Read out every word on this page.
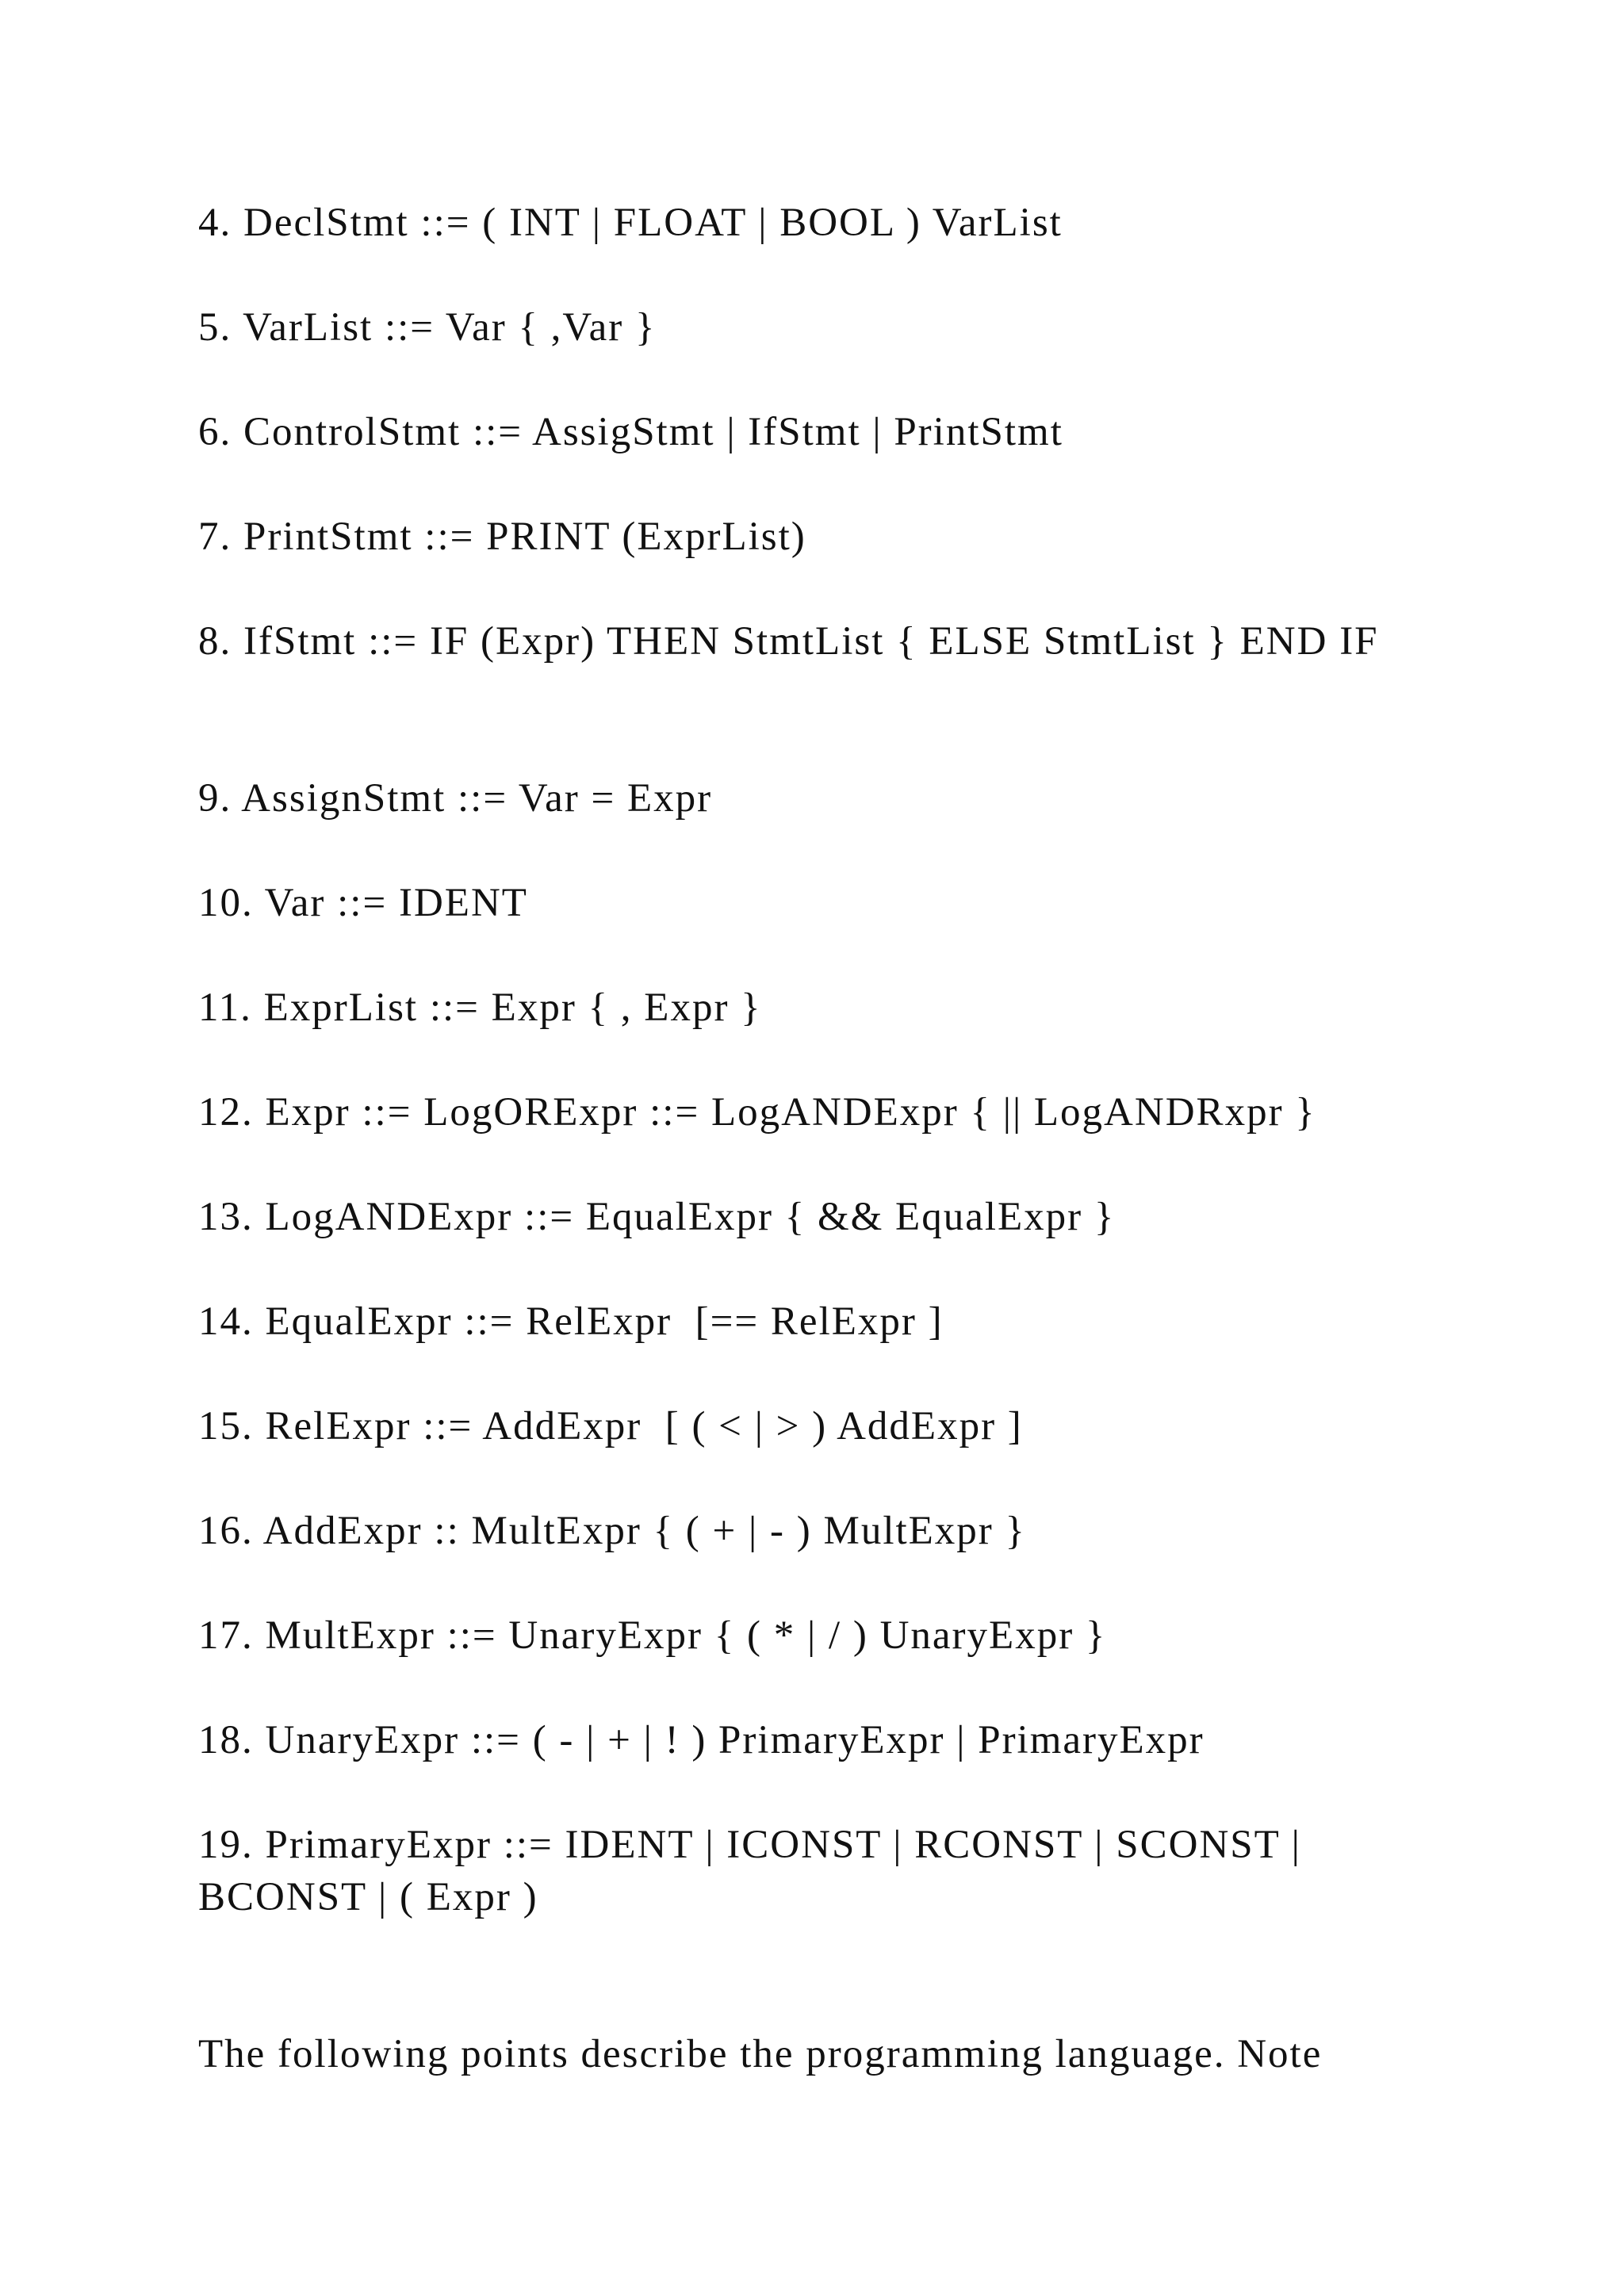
4. DeclStmt ::= ( INT | FLOAT | BOOL ) VarList

5. VarList ::= Var { ,Var }

6. ControlStmt ::= AssigStmt | IfStmt | PrintStmt

7. PrintStmt ::= PRINT (ExprList)

8. IfStmt ::= IF (Expr) THEN StmtList { ELSE StmtList } END IF

9. AssignStmt ::= Var = Expr

10. Var ::= IDENT

11. ExprList ::= Expr { , Expr }

12. Expr ::= LogORExpr ::= LogANDExpr { || LogANDRxpr }

13. LogANDExpr ::= EqualExpr { && EqualExpr }

14. EqualExpr ::= RelExpr  [== RelExpr ]

15. RelExpr ::= AddExpr  [ ( < | > ) AddExpr ]

16. AddExpr :: MultExpr { ( + | - ) MultExpr }

17. MultExpr ::= UnaryExpr { ( * | / ) UnaryExpr }

18. UnaryExpr ::= ( - | + | ! ) PrimaryExpr | PrimaryExpr

19. PrimaryExpr ::= IDENT | ICONST | RCONST | SCONST | BCONST | ( Expr )

The following points describe the programming language. Note
